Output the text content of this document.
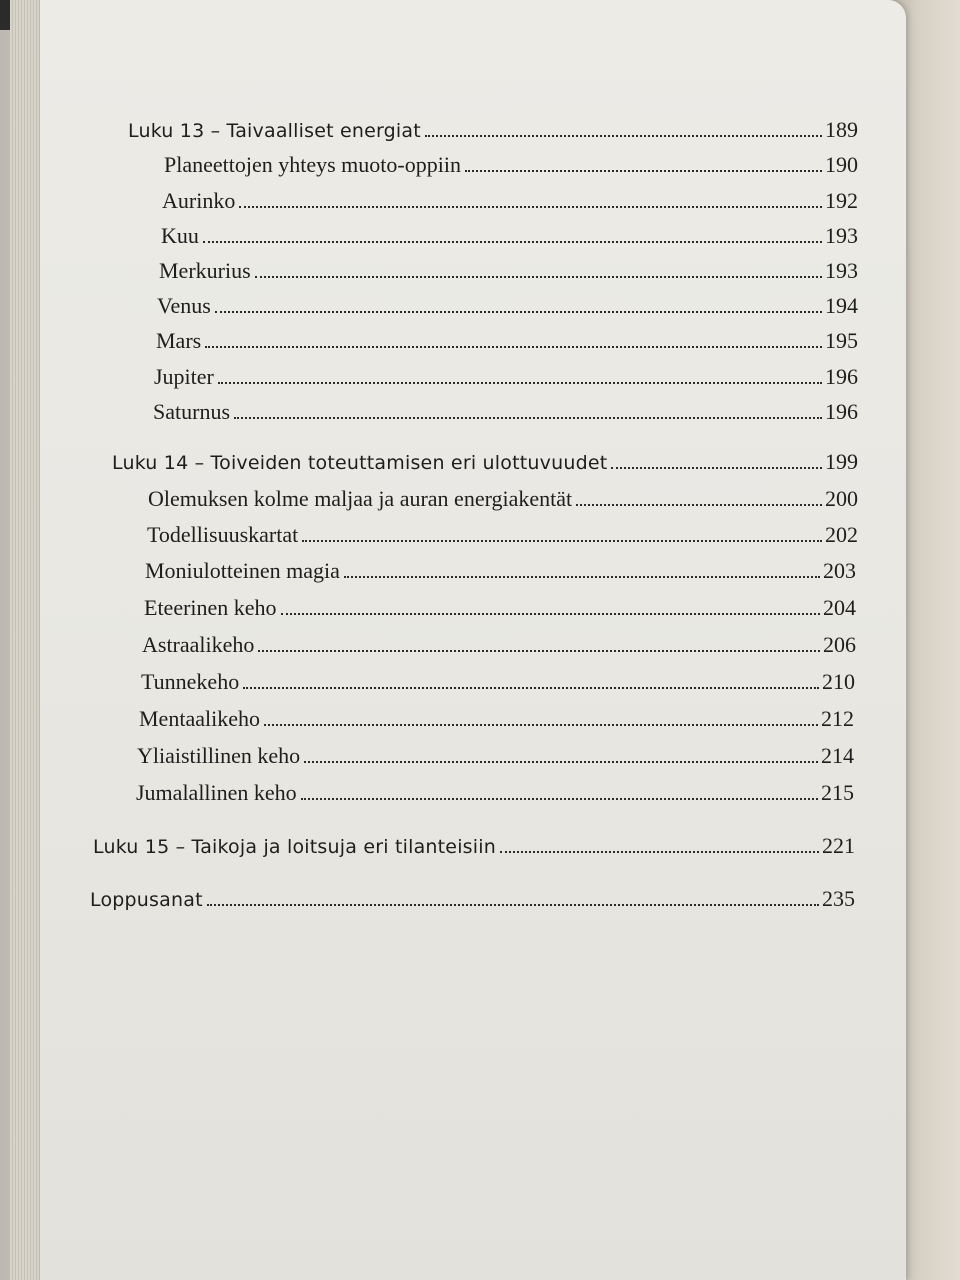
Luku 13 – Taivaalliset energiat	189
Planeettojen yhteys muoto-oppiin	190
Aurinko	192
Kuu	193
Merkurius	193
Venus	194
Mars	195
Jupiter	196
Saturnus	196
Luku 14 – Toiveiden toteuttamisen eri ulottuvuudet	199
Olemuksen kolme maljaa ja auran energiakentät	200
Todellisuuskartat	202
Moniulotteinen magia	203
Eteerinen keho	204
Astraalikeho	206
Tunnekeho	210
Mentaalikeho	212
Yliaistillinen keho	214
Jumalallinen keho	215
Luku 15 – Taikoja ja loitsuja eri tilanteisiin	221
Loppusanat	235
